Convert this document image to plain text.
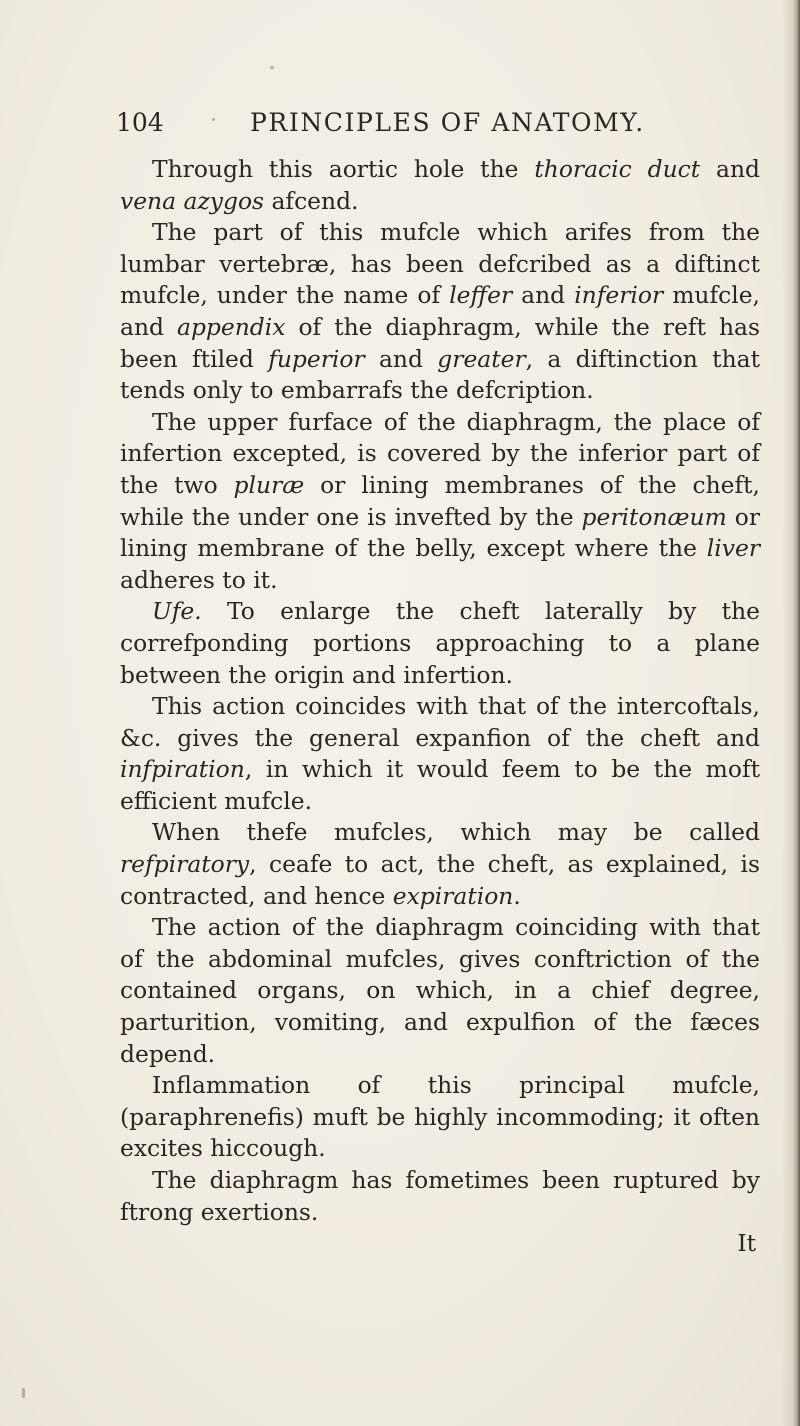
104	PRINCIPLES OF ANATOMY.

Through this aortic hole the thoracic duct and vena azygos afcend.

The part of this mufcle which arifes from the lumbar vertebræ, has been defcribed as a diftinct mufcle, under the name of leffer and inferior mufcle, and appendix of the diaphragm, while the reft has been ftiled fuperior and greater, a diftinction that tends only to embarrafs the defcription.

The upper furface of the diaphragm, the place of infertion excepted, is covered by the inferior part of the two pluræ or lining membranes of the cheft, while the under one is invefted by the peritonæum or lining membrane of the belly, except where the liver adheres to it.

Ufe. To enlarge the cheft laterally by the correfponding portions approaching to a plane between the origin and infertion.

This action coincides with that of the intercoftals, &c. gives the general expanfion of the cheft and infpiration, in which it would feem to be the moft efficient mufcle.

When thefe mufcles, which may be called refpiratory, ceafe to act, the cheft, as explained, is contracted, and hence expiration.

The action of the diaphragm coinciding with that of the abdominal mufcles, gives conftriction of the contained organs, on which, in a chief degree, parturition, vomiting, and expulfion of the fæces depend.

Inflammation of this principal mufcle, (paraphrenefis) muft be highly incommoding; it often excites hiccough.

The diaphragm has fometimes been ruptured by ftrong exertions.

It
